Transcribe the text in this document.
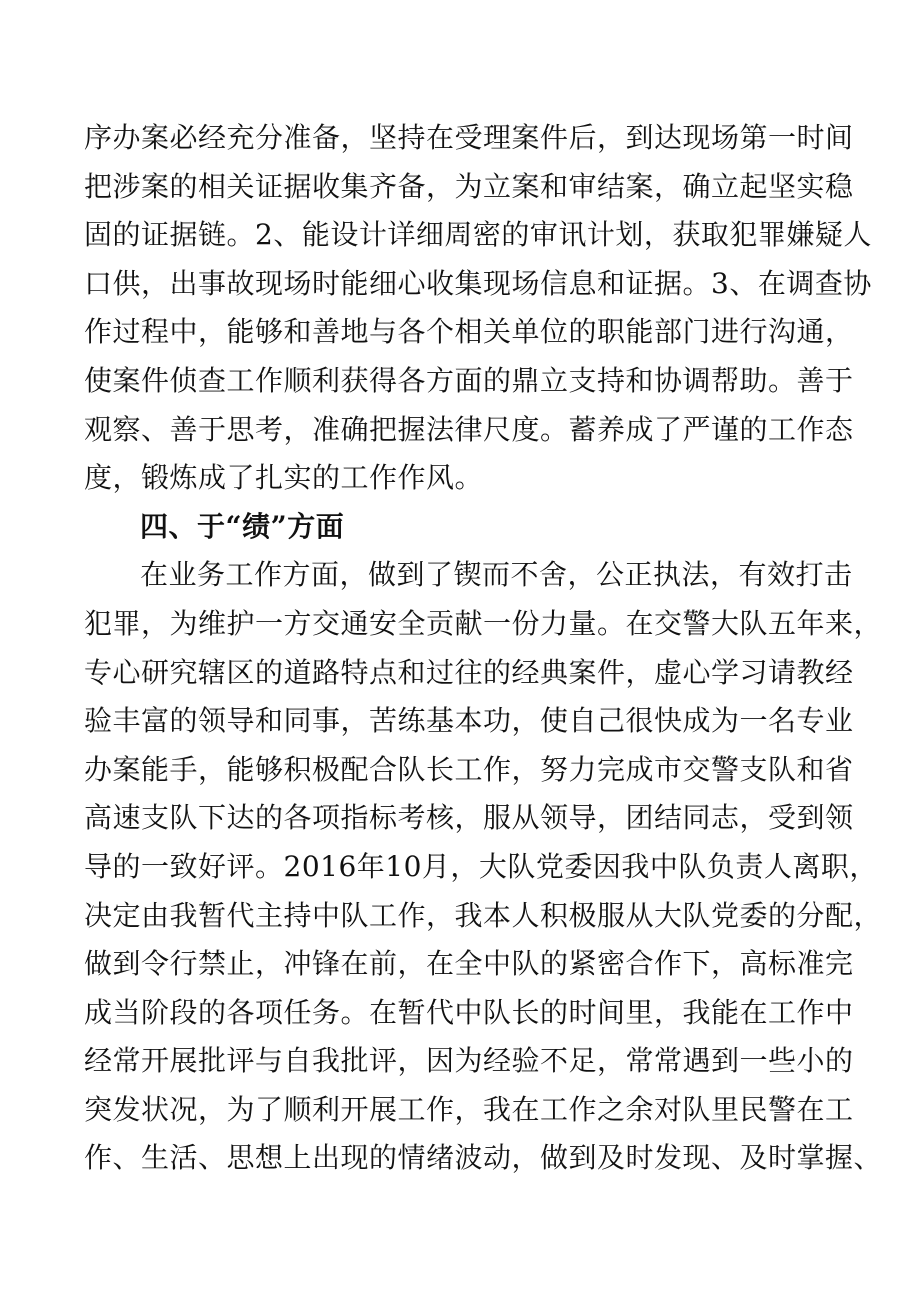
序办案必经充分准备，坚持在受理案件后，到达现场第一时间
把涉案的相关证据收集齐备，为立案和审结案，确立起坚实稳
固的证据链。2、能设计详细周密的审讯计划，获取犯罪嫌疑人
口供，出事故现场时能细心收集现场信息和证据。3、在调查协
作过程中，能够和善地与各个相关单位的职能部门进行沟通，
使案件侦查工作顺利获得各方面的鼎立支持和协调帮助。善于
观察、善于思考，准确把握法律尺度。蓄养成了严谨的工作态
度，锻炼成了扎实的工作作风。
四、于“绩”方面
在业务工作方面，做到了锲而不舍，公正执法，有效打击
犯罪，为维护一方交通安全贡献一份力量。在交警大队五年来，
专心研究辖区的道路特点和过往的经典案件，虚心学习请教经
验丰富的领导和同事，苦练基本功，使自己很快成为一名专业
办案能手，能够积极配合队长工作，努力完成市交警支队和省
高速支队下达的各项指标考核，服从领导，团结同志，受到领
导的一致好评。2016年10月，大队党委因我中队负责人离职，
决定由我暂代主持中队工作，我本人积极服从大队党委的分配，
做到令行禁止，冲锋在前，在全中队的紧密合作下，高标准完
成当阶段的各项任务。在暂代中队长的时间里，我能在工作中
经常开展批评与自我批评，因为经验不足，常常遇到一些小的
突发状况，为了顺利开展工作，我在工作之余对队里民警在工
作、生活、思想上出现的情绪波动，做到及时发现、及时掌握、
